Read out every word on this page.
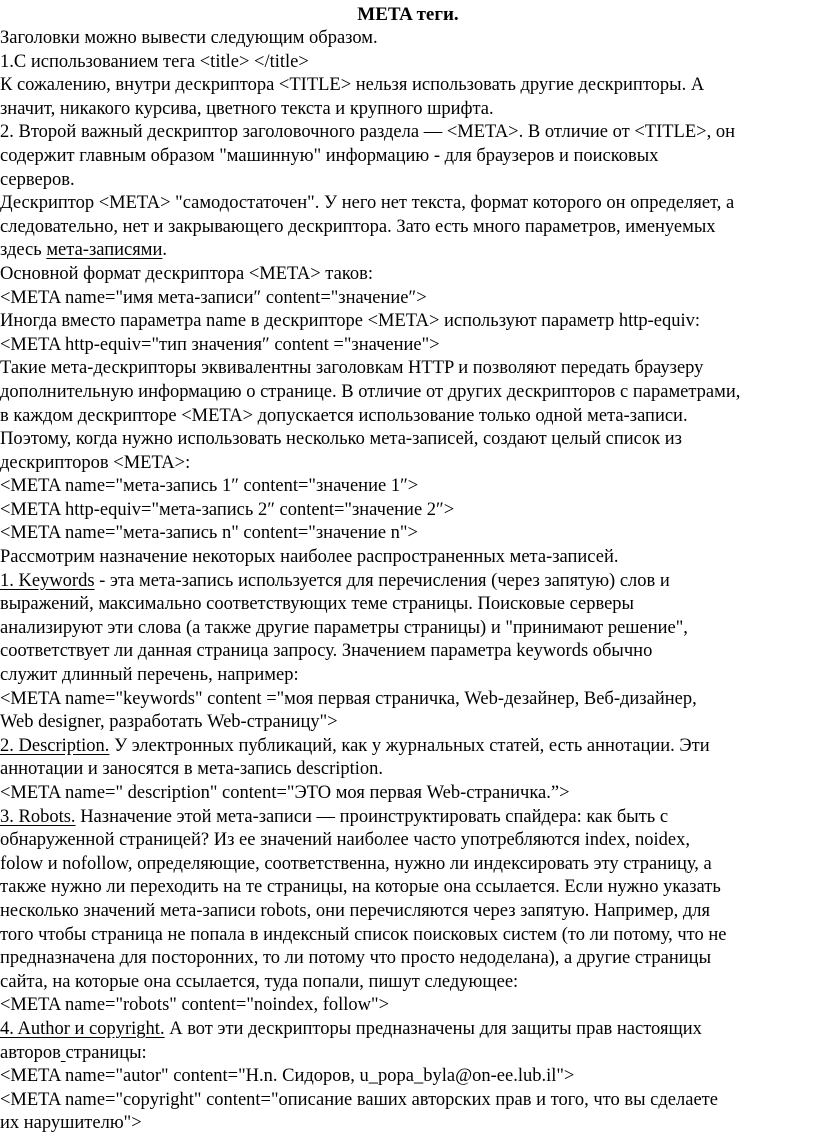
META теги.
Заголовки можно вывести следующим образом.
1.С использованием тега <title> </title>
К сожалению, внутри дескриптора <TITLE> нельзя использовать другие дескрипторы. А
значит, никакого курсива, цветного текста и крупного шрифта.
2. Второй важный дескриптор заголовочного раздела — <META>. В отличие от <TITLE>, он
содержит главным образом "машинную" информацию - для браузеров и поисковых
серверов.
Дескриптор <META> "самодостаточен". У него нет текста, формат которого он определяет, а
следовательно, нет и закрывающего дескриптора. Зато есть много параметров, именуемых
здесь мета-записями.
Основной формат дескриптора <META> таков:
<META name="имя мета-записи″ content="значение″>
Иногда вместо параметра name в дескрипторе <META> используют параметр http-equiv:
<META http-equiv="тип значения″ content ="значение">
Такие мета-дескрипторы эквивалентны заголовкам HTTP и позволяют передать браузеру
дополнительную информацию о странице. В отличие от других дескрипторов с параметрами,
в каждом дескрипторе <META> допускается использование только одной мета-записи.
Поэтому, когда нужно использовать несколько мета-записей, создают целый список из
дескрипторов <META>:
<META name="мета-запись 1″ content="значение 1″>
<META http-equiv="мета-запись 2″ content="значение 2″>
<META name="мета-запись n" content="значение n">
Рассмотрим назначение некоторых наиболее распространенных мета-записей.
1. Keywords - эта мета-запись используется для перечисления (через запятую) слов и
выражений, максимально соответствующих теме страницы. Поисковые серверы
анализируют эти слова (а также другие параметры страницы) и "принимают решение",
соответствует ли данная страница запросу. Значением параметра keywords обычно
служит длинный перечень, например:
<META name="keywords" content ="моя первая страничка, Web-дезайнер, Веб-дизайнер,
Web designer, разработать Web-страницу">
2. Description. У электронных публикаций, как у журнальных статей, есть аннотации. Эти
аннотации и заносятся в мета-запись description.
<META name=" description" content="ЭТО моя первая Web-страничка.”>
3. Robots. Назначение этой мета-записи — проинструктировать спайдера: как быть с
обнаруженной страницей? Из ее значений наиболее часто употребляются index, noidex,
folow и nofollow, определяющие, соответственна, нужно ли индексировать эту страницу, а
также нужно ли переходить на те страницы, на которые она ссылается. Если нужно указать
несколько значений мета-записи robots, они перечисляются через запятую. Например, для
того чтобы страница не попала в индексный список поисковых систем (то ли потому, что не
предназначена для посторонних, то ли потому что просто недоделана), а другие страницы
сайта, на которые она ссылается, туда попали, пишут следующее:
<META name="robots" content="noindex, follow">
4. Author и copyright. А вот эти дескрипторы предназначены для защиты прав настоящих
авторов страницы:
<META name="autor" content="Н.n. Сидоров, u_popa_byla@on-ee.lub.il">
<META name="copyright" content="описание ваших авторских прав и того, что вы сделаете
их нарушителю">
